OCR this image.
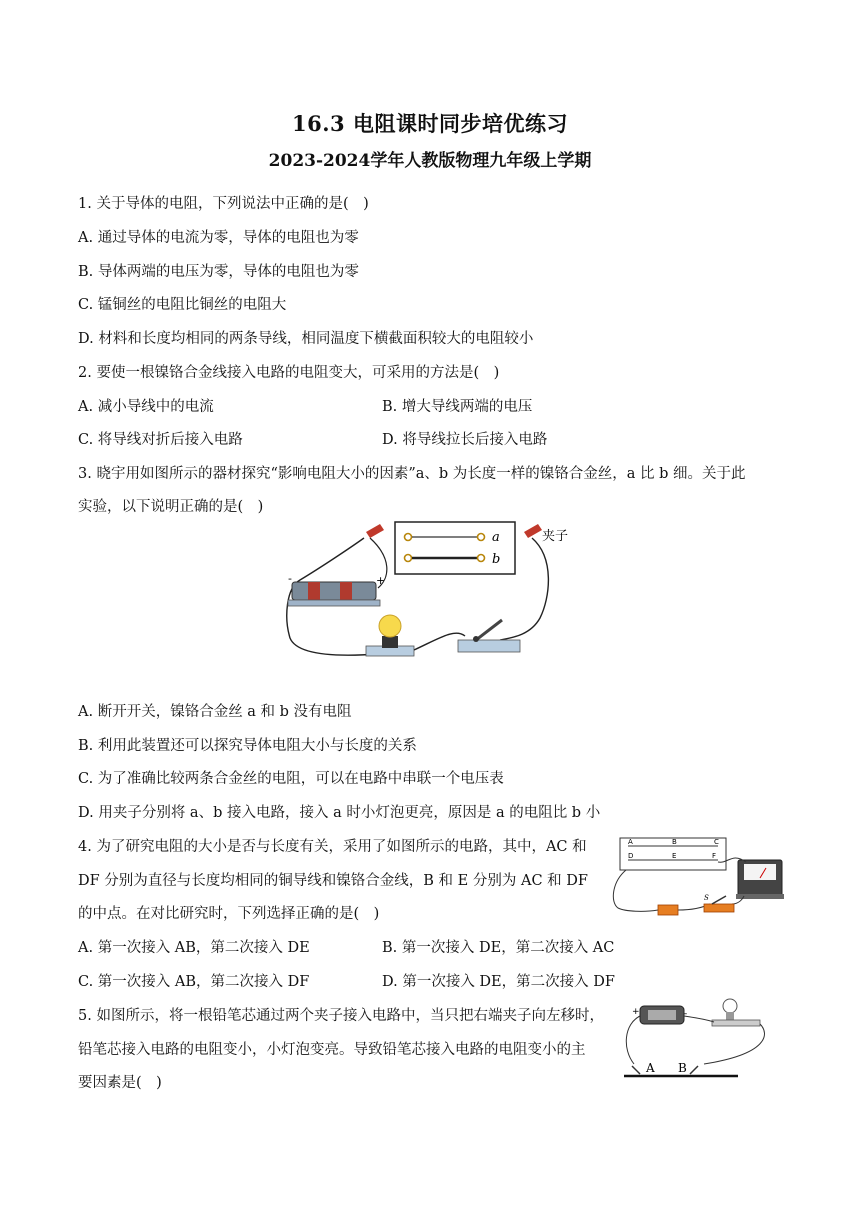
16.3 电阻课时同步培优练习
2023-2024学年人教版物理九年级上学期
1. 关于导体的电阻，下列说法中正确的是(　)
A. 通过导体的电流为零，导体的电阻也为零
B. 导体两端的电压为零，导体的电阻也为零
C. 锰铜丝的电阻比铜丝的电阻大
D. 材料和长度均相同的两条导线，相同温度下横截面积较大的电阻较小
2. 要使一根镍铬合金线接入电路的电阻变大，可采用的方法是(　)
A. 减小导线中的电流	B. 增大导线两端的电压
C. 将导线对折后接入电路	D. 将导线拉长后接入电路
3. 晓宇用如图所示的器材探究“影响电阻大小的因素”a、b 为长度一样的镍铬合金丝，a 比 b 细。关于此
实验，以下说明正确的是(　)
a
b
夹子
-	+
A. 断开开关，镍铬合金丝 a 和 b 没有电阻
B. 利用此装置还可以探究导体电阻大小与长度的关系
C. 为了准确比较两条合金丝的电阻，可以在电路中串联一个电压表
D. 用夹子分别将 a、b 接入电路，接入 a 时小灯泡更亮，原因是 a 的电阻比 b 小
4. 为了研究电阻的大小是否与长度有关，采用了如图所示的电路，其中，AC 和
DF 分别为直径与长度均相同的铜导线和镍铬合金线，B 和 E 分别为 AC 和 DF
的中点。在对比研究时，下列选择正确的是(　)
A. 第一次接入 AB，第二次接入 DE	B. 第一次接入 DE，第二次接入 AC
C. 第一次接入 AB，第二次接入 DF	D. 第一次接入 DE，第二次接入 DF
A	B	C
D	E	F
S
5. 如图所示，将一根铅笔芯通过两个夹子接入电路中，当只把右端夹子向左移时，
铅笔芯接入电路的电阻变小，小灯泡变亮。导致铅笔芯接入电路的电阻变小的主
要因素是(　)
+	-
A B
